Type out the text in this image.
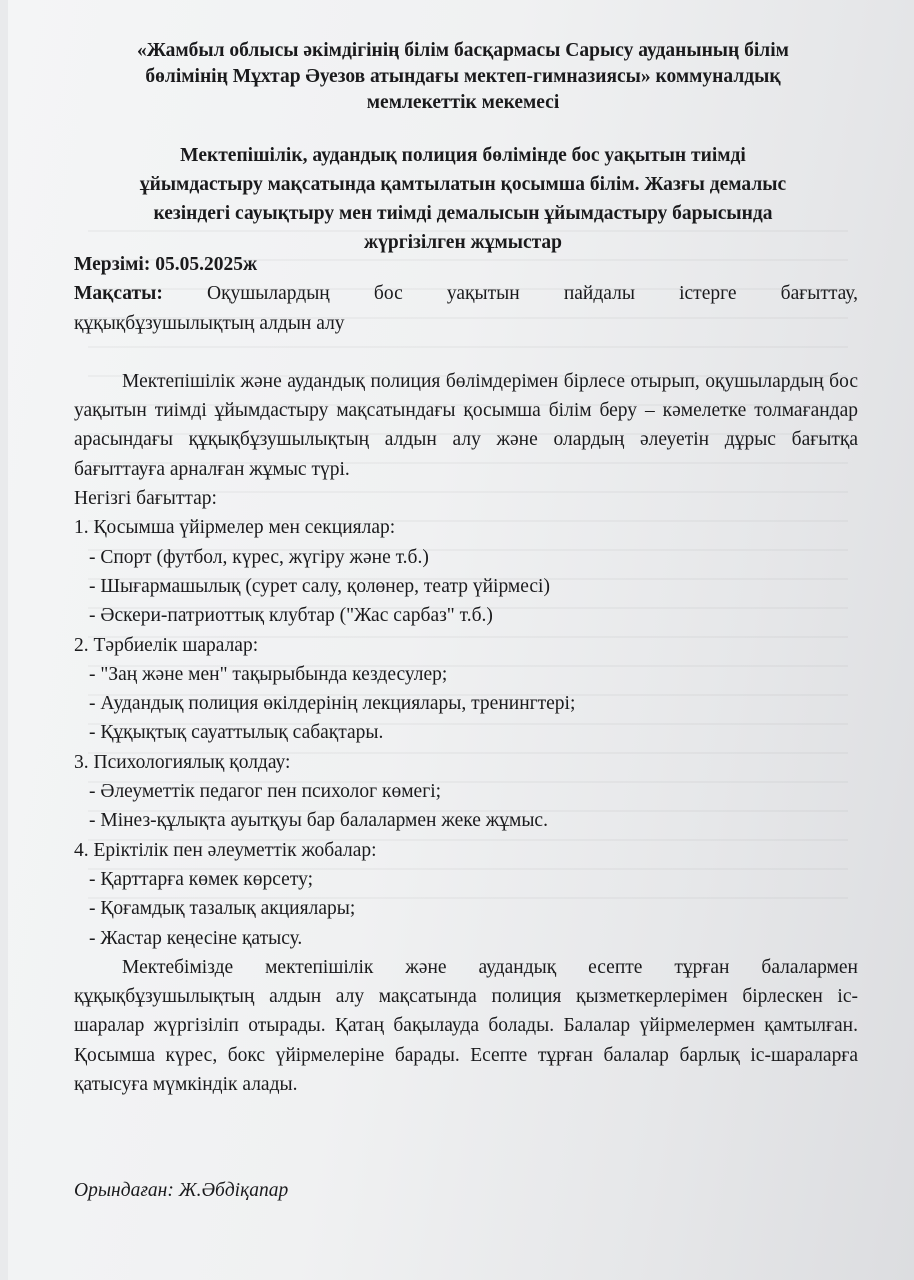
«Жамбыл облысы әкімдігінің білім басқармасы Сарысу ауданының білім
бөлімінің Мұхтар Әуезов атындағы мектеп-гимназиясы» коммуналдық
мемлекеттік мекемесі
Мектепішілік, аудандық полиция бөлімінде бос уақытын тиімді
ұйымдастыру мақсатында қамтылатын қосымша білім. Жазғы демалыс
кезіндегі сауықтыру мен тиімді демалысын ұйымдастыру барысында
жүргізілген жұмыстар
Мерзімі: 05.05.2025ж
Мақсаты: Оқушылардың бос уақытын пайдалы істерге бағыттау,
құқықбұзушылықтың алдын алу
Мектепішілік және аудандық полиция бөлімдерімен бірлесе отырып, оқушылардың бос уақытын тиімді ұйымдастыру мақсатындағы қосымша білім беру – кәмелетке толмағандар арасындағы құқықбұзушылықтың алдын алу және олардың әлеуетін дұрыс бағытқа бағыттауға арналған жұмыс түрі.
Негізгі бағыттар:
1. Қосымша үйірмелер мен секциялар:
- Спорт (футбол, күрес, жүгіру және т.б.)
- Шығармашылық (сурет салу, қолөнер, театр үйірмесі)
- Әскери-патриоттық клубтар ("Жас сарбаз" т.б.)
2. Тәрбиелік шаралар:
- "Заң және мен" тақырыбында кездесулер;
- Аудандық полиция өкілдерінің лекциялары, тренингтері;
- Құқықтық сауаттылық сабақтары.
3. Психологиялық қолдау:
- Әлеуметтік педагог пен психолог көмегі;
- Мінез-құлықта ауытқуы бар балалармен жеке жұмыс.
4. Еріктілік пен әлеуметтік жобалар:
- Қарттарға көмек көрсету;
- Қоғамдық тазалық акциялары;
- Жастар кеңесіне қатысу.
Мектебімізде мектепішілік және аудандық есепте тұрған балалармен құқықбұзушылықтың алдын алу мақсатында полиция қызметкерлерімен бірлескен іс-шаралар жүргізіліп отырады. Қатаң бақылауда болады. Балалар үйірмелермен қамтылған. Қосымша күрес, бокс үйірмелеріне барады. Есепте тұрған балалар барлық іс-шараларға қатысуға мүмкіндік алады.
Орындаған: Ж.Әбдіқапар
